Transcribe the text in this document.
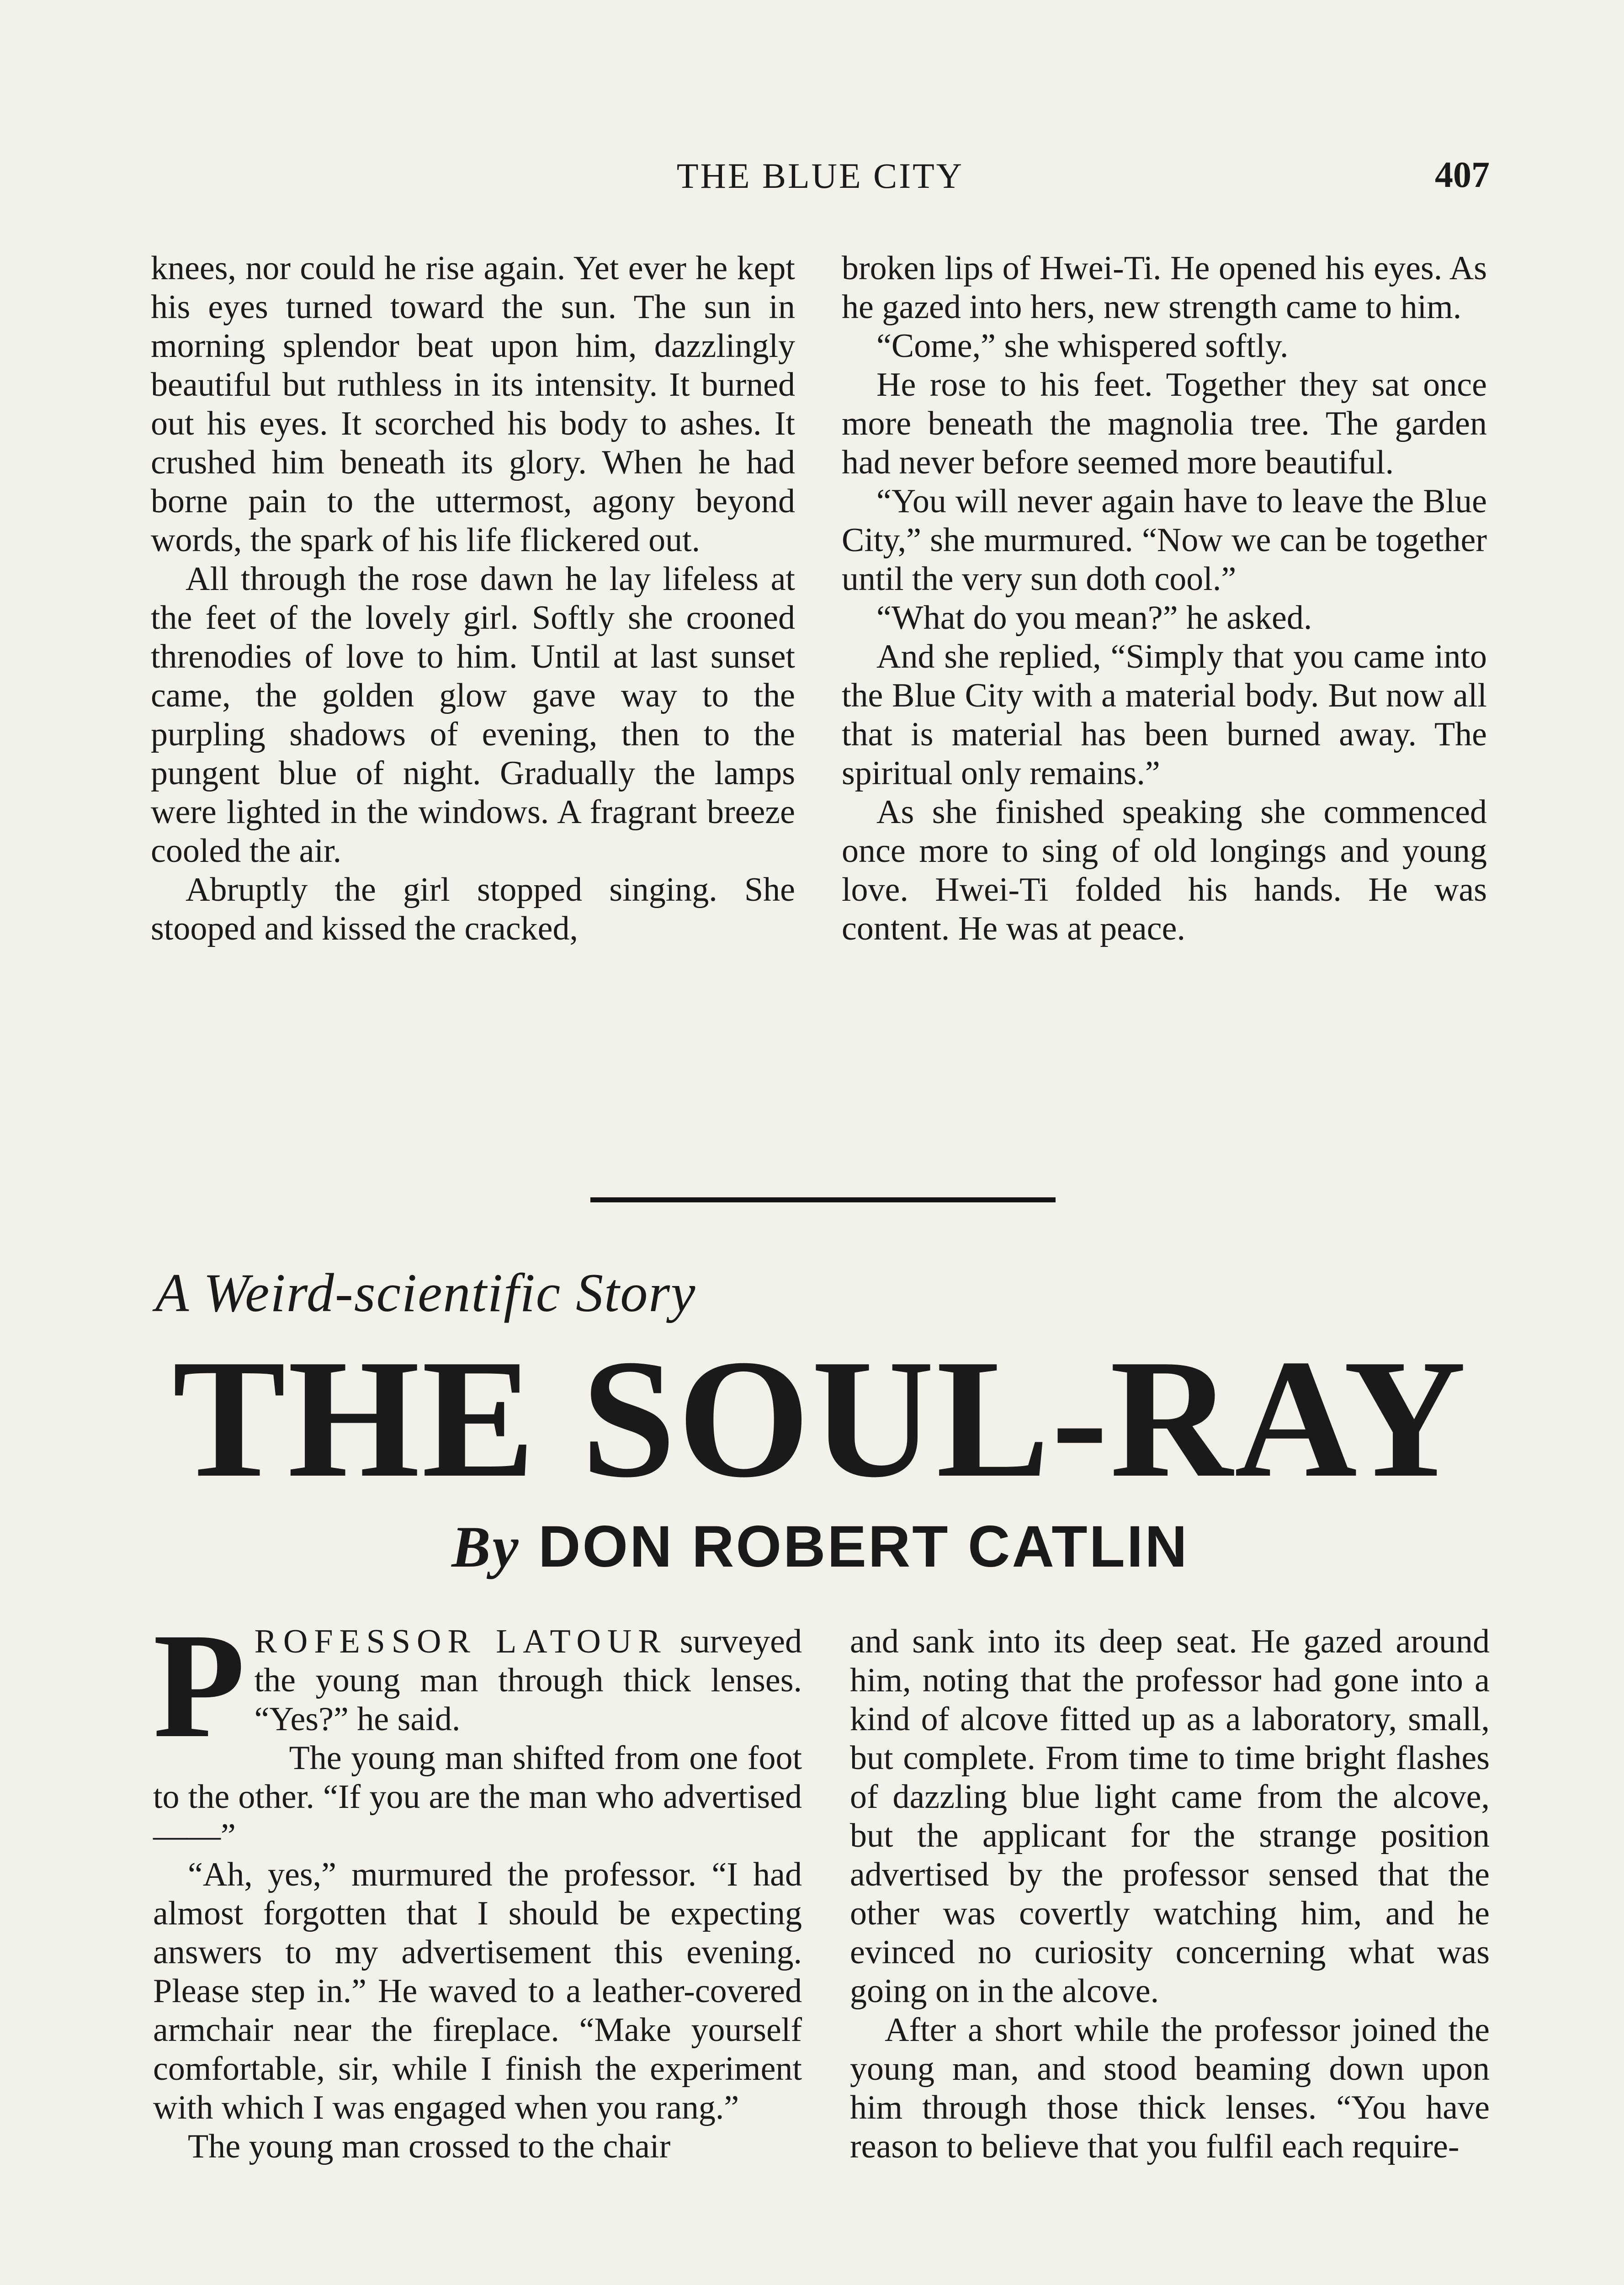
THE BLUE CITY	407

knees, nor could he rise again. Yet ever he kept his eyes turned toward the sun. The sun in morning splendor beat upon him, dazzlingly beautiful but ruthless in its intensity. It burned out his eyes. It scorched his body to ashes. It crushed him beneath its glory. When he had borne pain to the uttermost, agony beyond words, the spark of his life flickered out.

All through the rose dawn he lay lifeless at the feet of the lovely girl. Softly she crooned threnodies of love to him. Until at last sunset came, the golden glow gave way to the purpling shadows of evening, then to the pungent blue of night. Gradually the lamps were lighted in the windows. A fragrant breeze cooled the air.

Abruptly the girl stopped singing. She stooped and kissed the cracked,

broken lips of Hwei-Ti. He opened his eyes. As he gazed into hers, new strength came to him.

“Come,” she whispered softly.

He rose to his feet. Together they sat once more beneath the magnolia tree. The garden had never before seemed more beautiful.

“You will never again have to leave the Blue City,” she murmured. “Now we can be together until the very sun doth cool.”

“What do you mean?” he asked.

And she replied, “Simply that you came into the Blue City with a material body. But now all that is material has been burned away. The spiritual only remains.”

As she finished speaking she commenced once more to sing of old longings and young love. Hwei-Ti folded his hands. He was content. He was at peace.

A Weird-scientific Story
THE SOUL-RAY
By DON ROBERT CATLIN

PROFESSOR LATOUR surveyed the young man through thick lenses. “Yes?” he said.

The young man shifted from one foot to the other. “If you are the man who advertised——”

“Ah, yes,” murmured the professor. “I had almost forgotten that I should be expecting answers to my advertisement this evening. Please step in.” He waved to a leather-covered armchair near the fireplace. “Make yourself comfortable, sir, while I finish the experiment with which I was engaged when you rang.”

The young man crossed to the chair

and sank into its deep seat. He gazed around him, noting that the professor had gone into a kind of alcove fitted up as a laboratory, small, but complete. From time to time bright flashes of dazzling blue light came from the alcove, but the applicant for the strange position advertised by the professor sensed that the other was covertly watching him, and he evinced no curiosity concerning what was going on in the alcove.

After a short while the professor joined the young man, and stood beaming down upon him through those thick lenses. “You have reason to believe that you fulfil each require-
